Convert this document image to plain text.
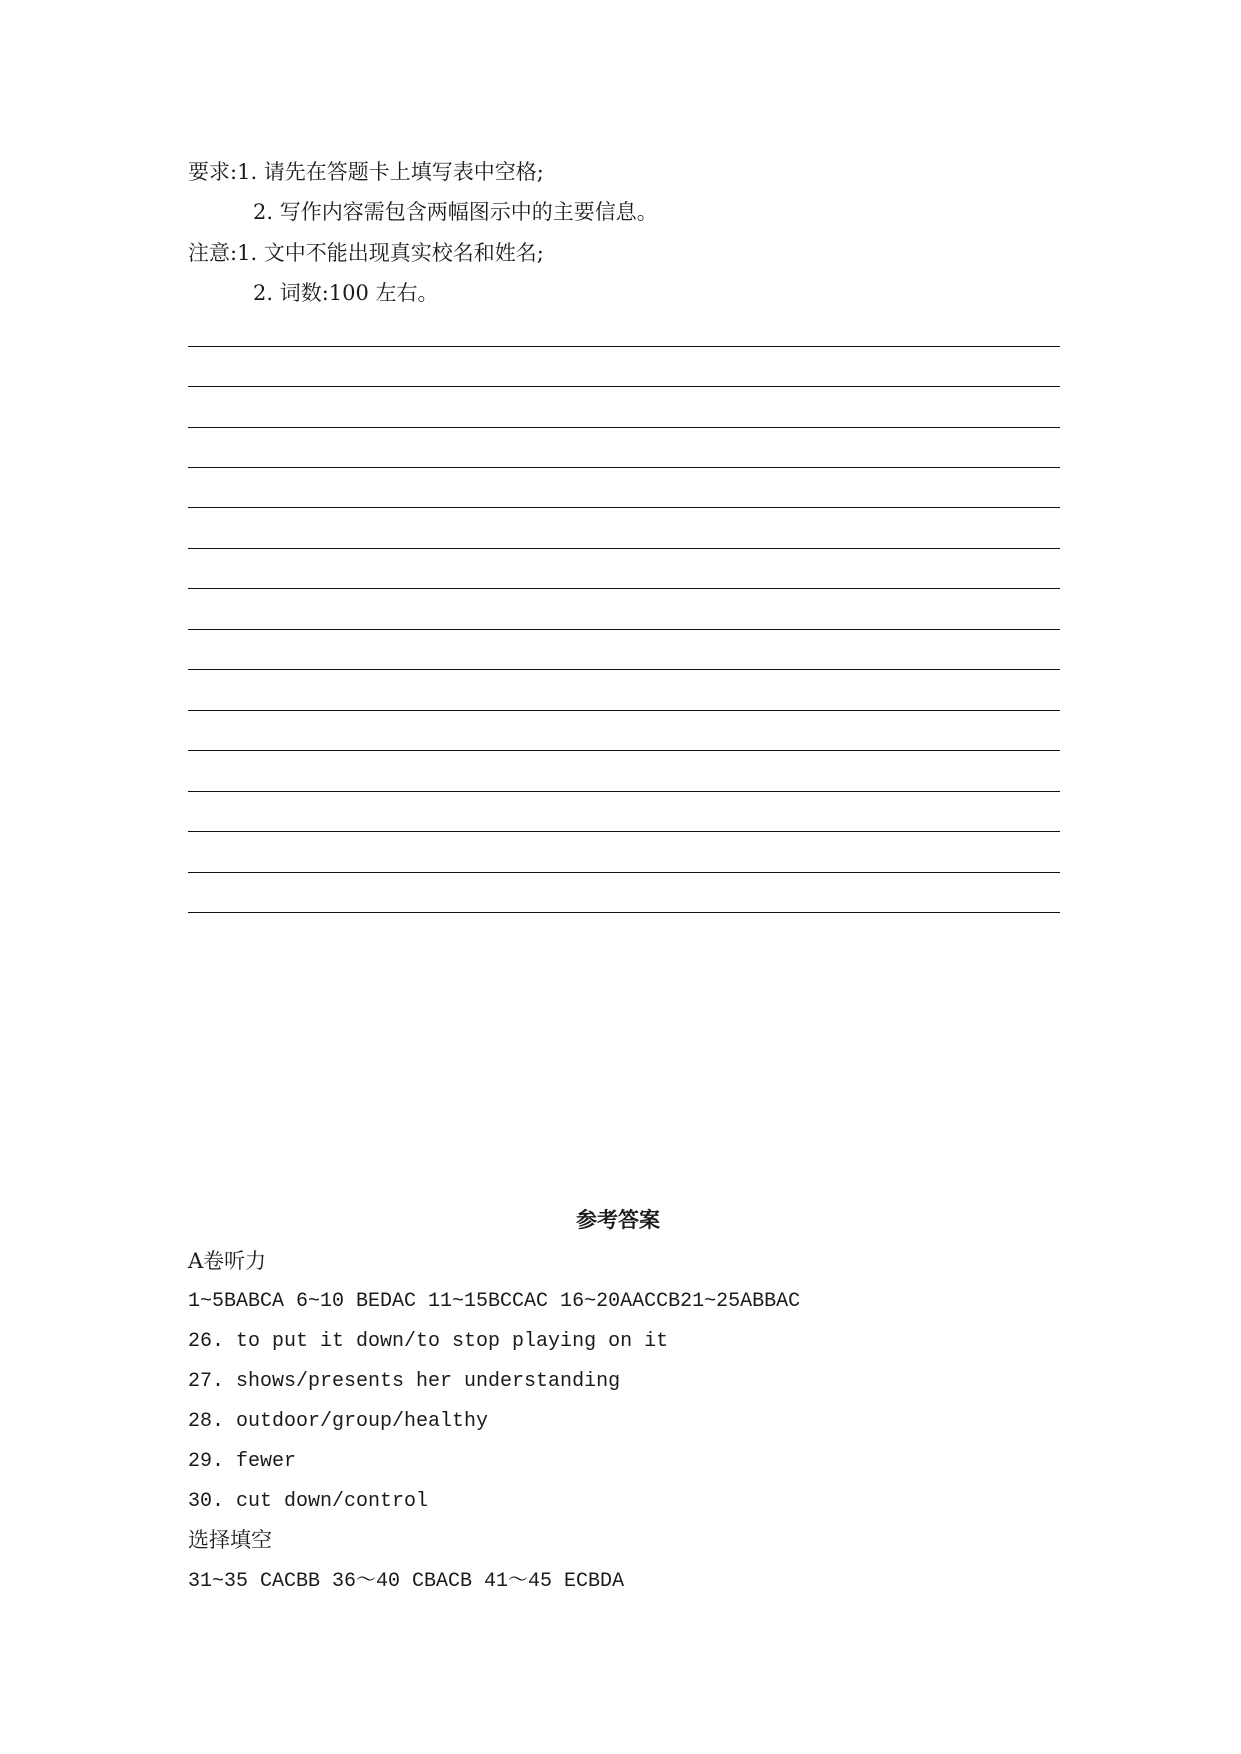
要求:1. 请先在答题卡上填写表中空格;
2. 写作内容需包含两幅图示中的主要信息。
注意:1. 文中不能出现真实校名和姓名;
2. 词数:100 左右。
参考答案
A卷听力
1~5BABCA 6~10 BEDAC 11~15BCCAC 16~20AACCB21~25ABBAC
26. to put it down/to stop playing on it
27. shows/presents her understanding
28. outdoor/group/healthy
29. fewer
30. cut down/control
选择填空
31~35 CACBB 36～40 CBACB 41～45 ECBDA
